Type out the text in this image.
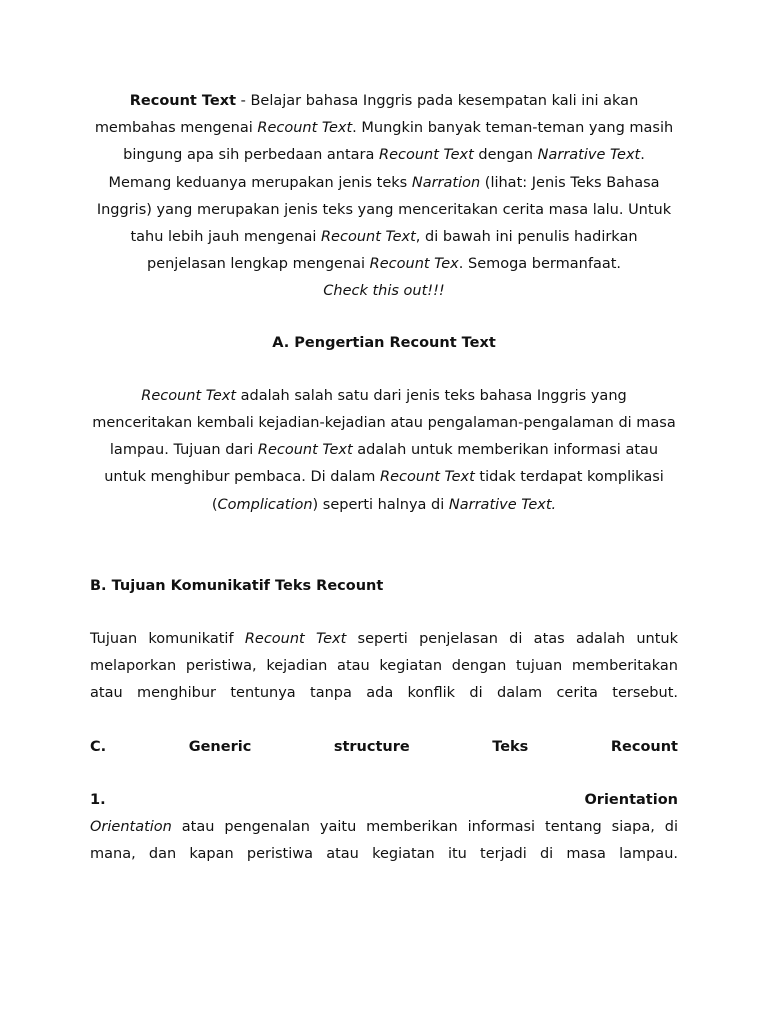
Recount Text - Belajar bahasa Inggris pada kesempatan kali ini akan membahas mengenai Recount Text. Mungkin banyak teman-teman yang masih bingung apa sih perbedaan antara Recount Text dengan Narrative Text. Memang keduanya merupakan jenis teks Narration (lihat: Jenis Teks Bahasa Inggris) yang merupakan jenis teks yang menceritakan cerita masa lalu. Untuk tahu lebih jauh mengenai Recount Text, di bawah ini penulis hadirkan penjelasan lengkap mengenai Recount Tex. Semoga bermanfaat.
Check this out!!!

A. Pengertian Recount Text

Recount Text adalah salah satu dari jenis teks bahasa Inggris yang menceritakan kembali kejadian-kejadian atau pengalaman-pengalaman di masa lampau. Tujuan dari Recount Text adalah untuk memberikan informasi atau untuk menghibur pembaca. Di dalam Recount Text tidak terdapat komplikasi (Complication) seperti halnya di Narrative Text.

B. Tujuan Komunikatif Teks Recount

Tujuan komunikatif Recount Text seperti penjelasan di atas adalah untuk melaporkan peristiwa, kejadian atau kegiatan dengan tujuan memberitakan atau menghibur tentunya tanpa ada konflik di dalam cerita tersebut.

C.	Generic	structure	Teks	Recount
1.	Orientation

Orientation atau pengenalan yaitu memberikan informasi tentang siapa, di mana, dan kapan peristiwa atau kegiatan itu terjadi di masa lampau.
